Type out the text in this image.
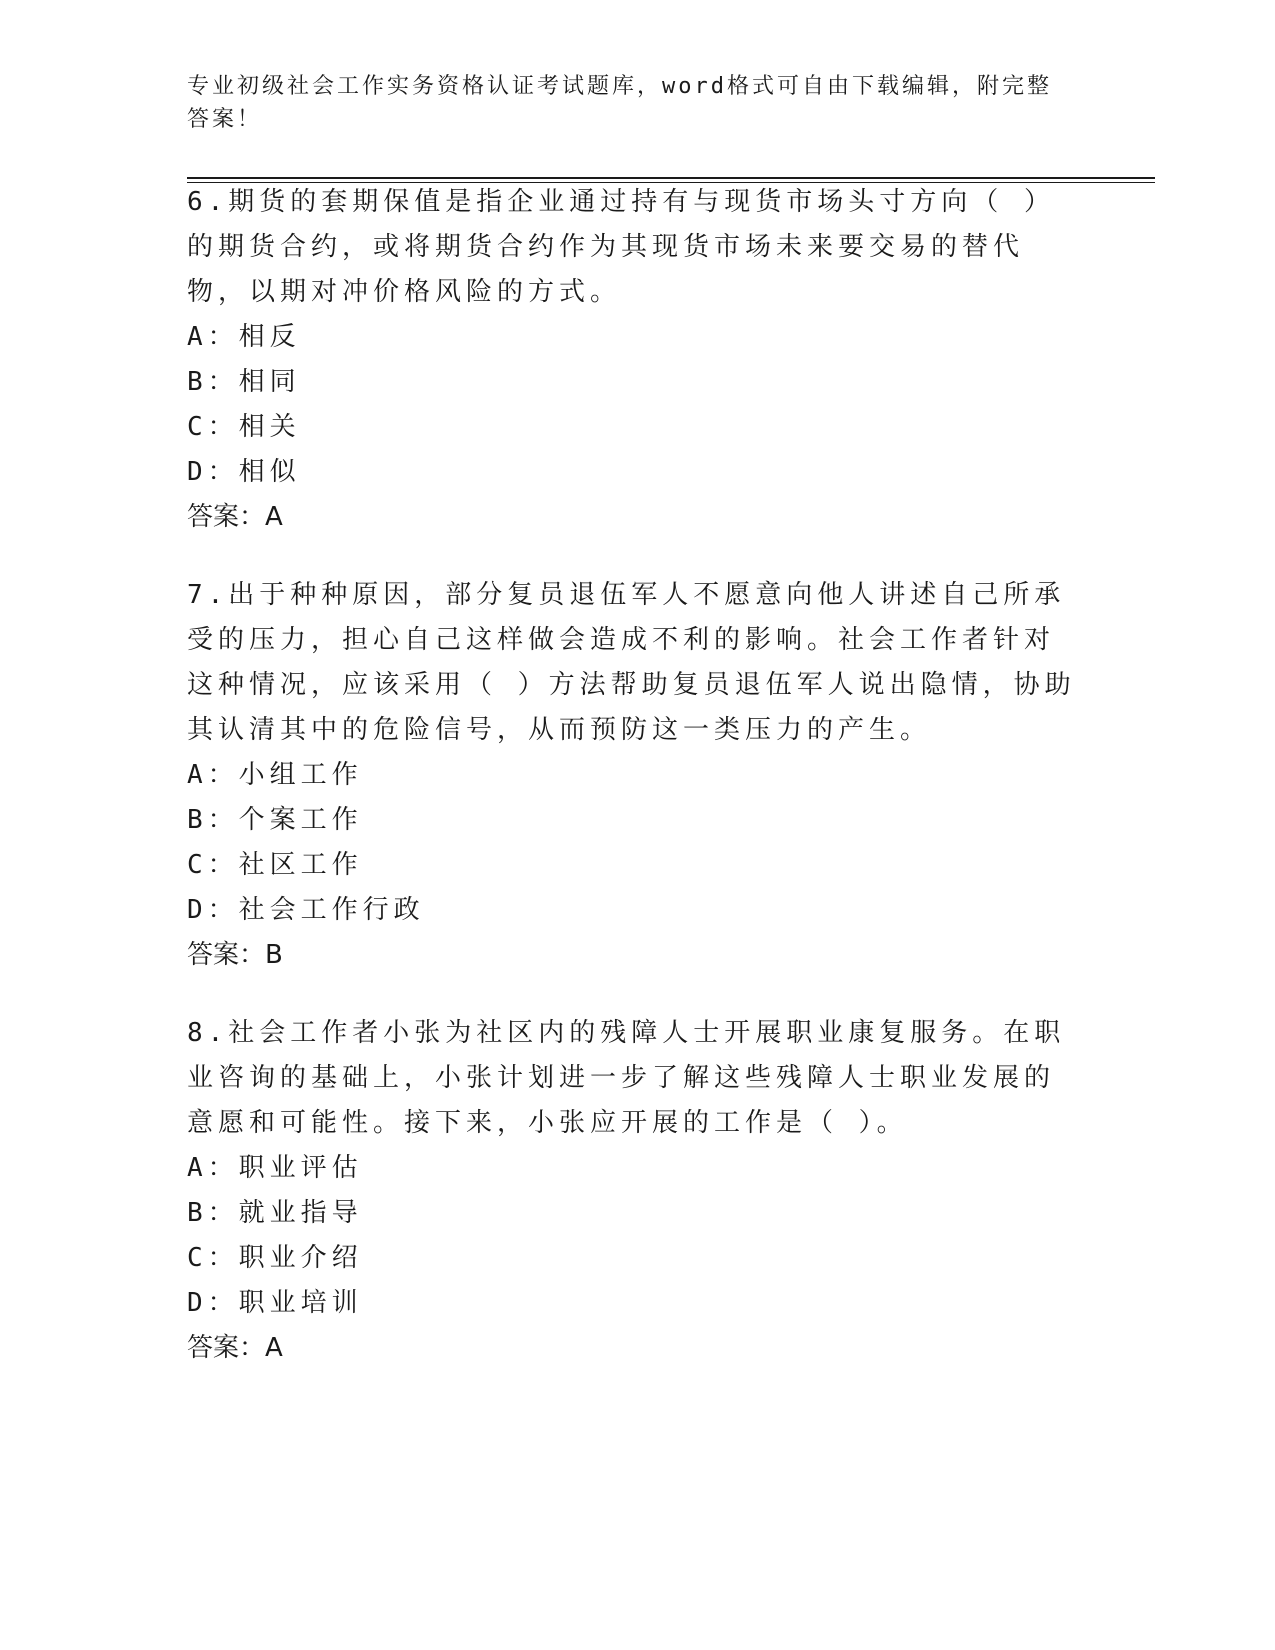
专业初级社会工作实务资格认证考试题库，word格式可自由下载编辑，附完整答案！

6.期货的套期保值是指企业通过持有与现货市场头寸方向（ ）的期货合约，或将期货合约作为其现货市场未来要交易的替代物，以期对冲价格风险的方式。

A：相反

B：相同

C：相关

D：相似

答案：A

7.出于种种原因，部分复员退伍军人不愿意向他人讲述自己所承受的压力，担心自己这样做会造成不利的影响。社会工作者针对这种情况，应该采用（ ）方法帮助复员退伍军人说出隐情，协助其认清其中的危险信号，从而预防这一类压力的产生。

A：小组工作

B：个案工作

C：社区工作

D：社会工作行政

答案：B

8.社会工作者小张为社区内的残障人士开展职业康复服务。在职业咨询的基础上，小张计划进一步了解这些残障人士职业发展的意愿和可能性。接下来，小张应开展的工作是（ ）。

A：职业评估

B：就业指导

C：职业介绍

D：职业培训

答案：A
